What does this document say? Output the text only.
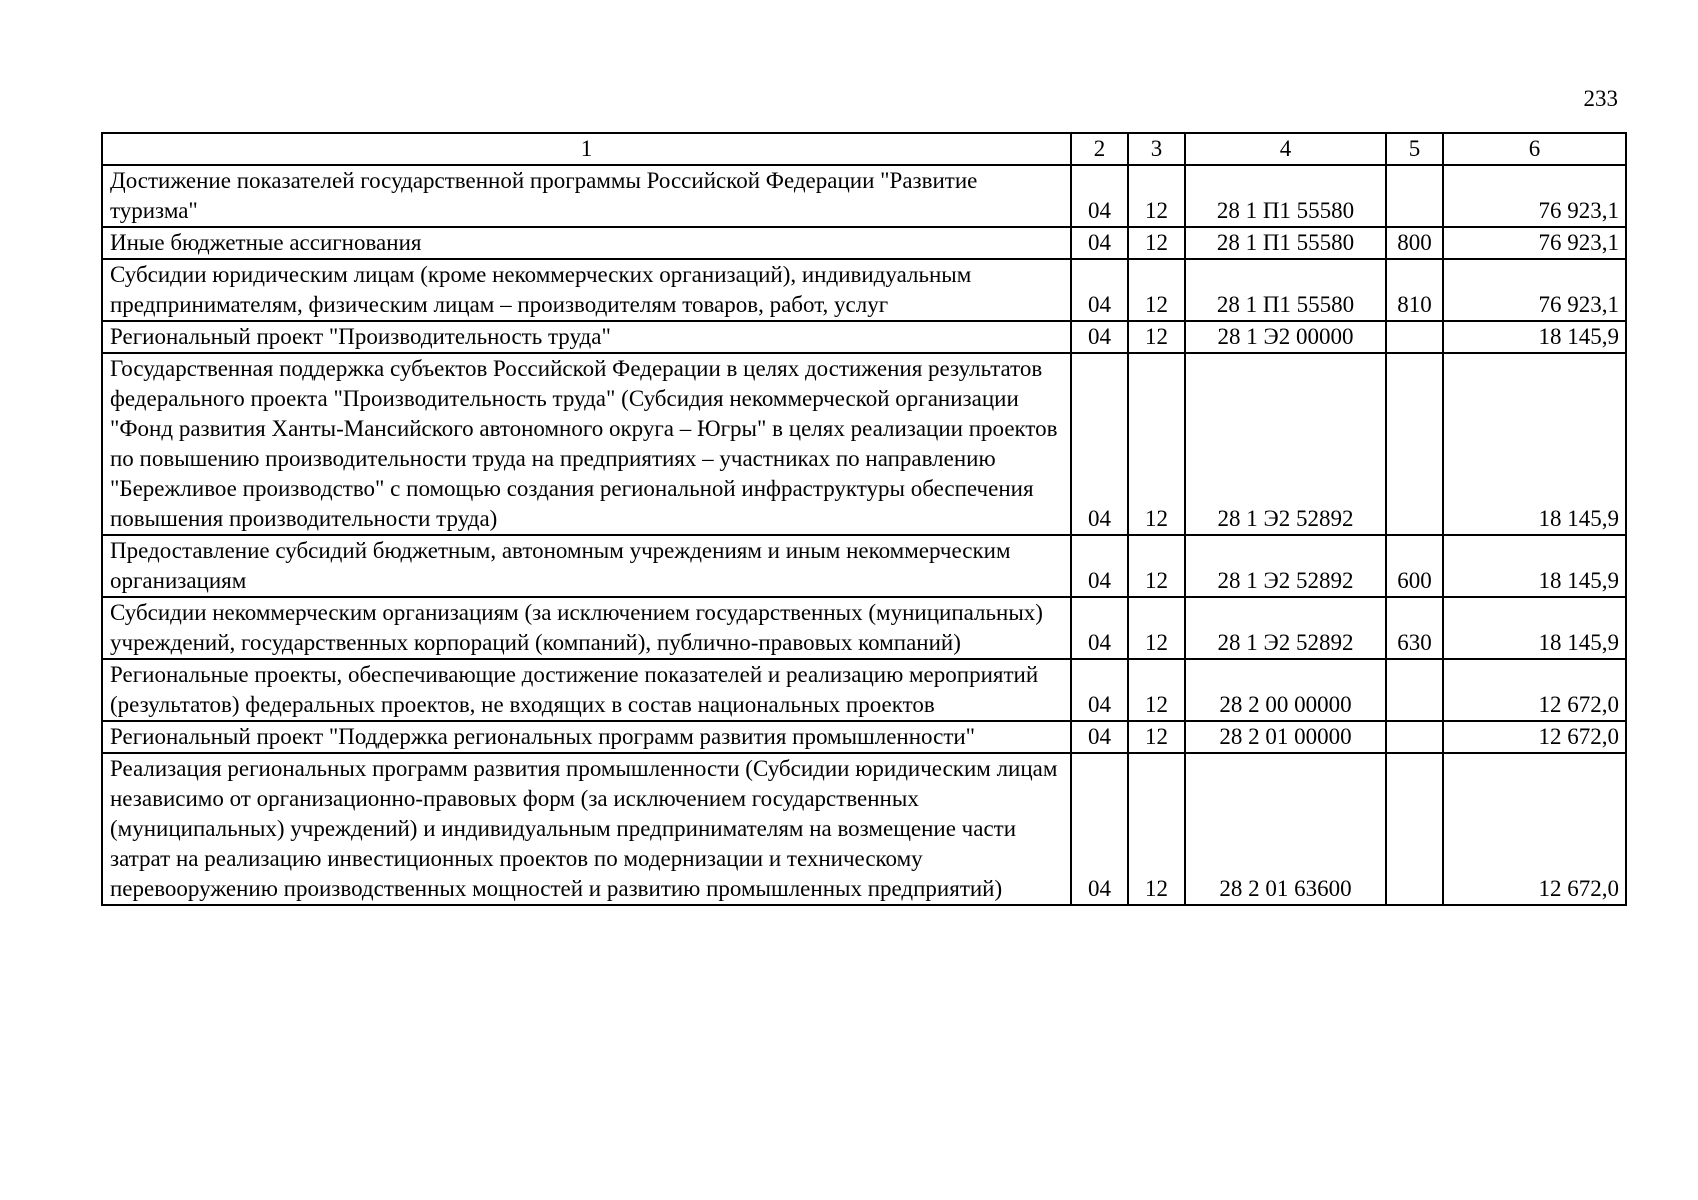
233
1	2	3	4	5	6
Достижение показателей государственной программы Российской Федерации "Развитие туризма"	04	12	28 1 П1 55580		76 923,1
Иные бюджетные ассигнования	04	12	28 1 П1 55580	800	76 923,1
Субсидии юридическим лицам (кроме некоммерческих организаций), индивидуальным предпринимателям, физическим лицам – производителям товаров, работ, услуг	04	12	28 1 П1 55580	810	76 923,1
Региональный проект "Производительность труда"	04	12	28 1 Э2 00000		18 145,9
Государственная поддержка субъектов Российской Федерации в целях достижения результатов федерального проекта "Производительность труда" (Субсидия некоммерческой организации "Фонд развития Ханты-Мансийского автономного округа – Югры" в целях реализации проектов по повышению производительности труда на предприятиях – участниках по направлению "Бережливое производство" с помощью создания региональной инфраструктуры обеспечения повышения производительности труда)	04	12	28 1 Э2 52892		18 145,9
Предоставление субсидий бюджетным, автономным учреждениям и иным некоммерческим организациям	04	12	28 1 Э2 52892	600	18 145,9
Субсидии некоммерческим организациям (за исключением государственных (муниципальных) учреждений, государственных корпораций (компаний), публично-правовых компаний)	04	12	28 1 Э2 52892	630	18 145,9
Региональные проекты, обеспечивающие достижение показателей и реализацию мероприятий (результатов) федеральных проектов, не входящих в состав национальных проектов	04	12	28 2 00 00000		12 672,0
Региональный проект "Поддержка региональных программ развития промышленности"	04	12	28 2 01 00000		12 672,0
Реализация региональных программ развития промышленности (Субсидии юридическим лицам независимо от организационно-правовых форм (за исключением государственных (муниципальных) учреждений) и индивидуальным предпринимателям на возмещение части затрат на реализацию инвестиционных проектов по модернизации и техническому перевооружению производственных мощностей и развитию промышленных предприятий)	04	12	28 2 01 63600		12 672,0
